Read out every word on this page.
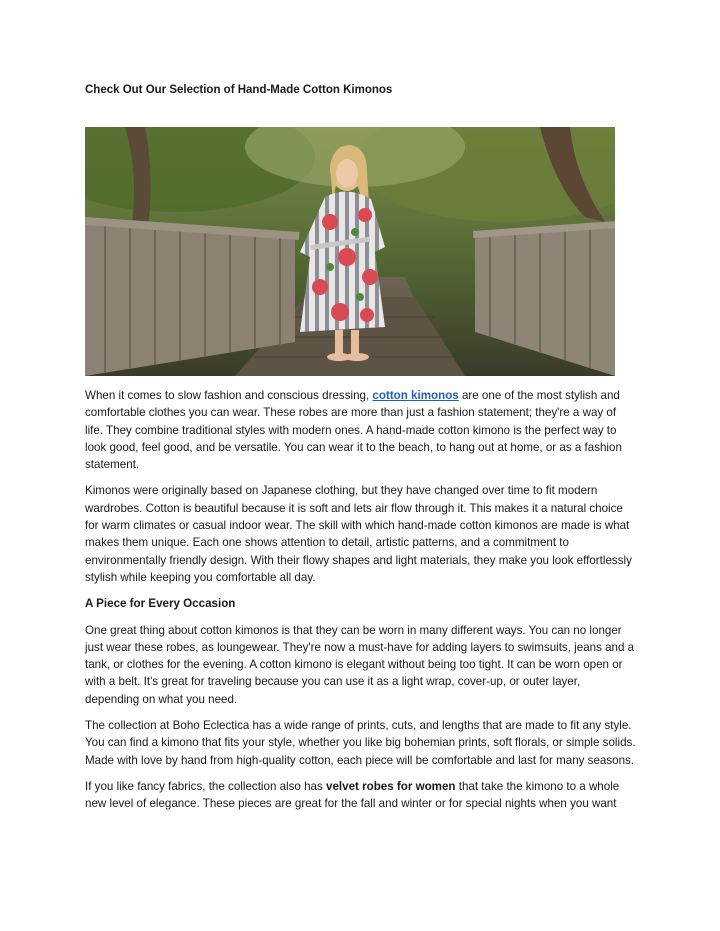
Check Out Our Selection of Hand-Made Cotton Kimonos

When it comes to slow fashion and conscious dressing, cotton kimonos are one of the most stylish and comfortable clothes you can wear. These robes are more than just a fashion statement; they're a way of life. They combine traditional styles with modern ones. A hand-made cotton kimono is the perfect way to look good, feel good, and be versatile. You can wear it to the beach, to hang out at home, or as a fashion statement.

Kimonos were originally based on Japanese clothing, but they have changed over time to fit modern wardrobes. Cotton is beautiful because it is soft and lets air flow through it. This makes it a natural choice for warm climates or casual indoor wear. The skill with which hand-made cotton kimonos are made is what makes them unique. Each one shows attention to detail, artistic patterns, and a commitment to environmentally friendly design. With their flowy shapes and light materials, they make you look effortlessly stylish while keeping you comfortable all day.

A Piece for Every Occasion

One great thing about cotton kimonos is that they can be worn in many different ways. You can no longer just wear these robes, as loungewear. They're now a must-have for adding layers to swimsuits, jeans and a tank, or clothes for the evening. A cotton kimono is elegant without being too tight. It can be worn open or with a belt. It's great for traveling because you can use it as a light wrap, cover-up, or outer layer, depending on what you need.

The collection at Boho Eclectica has a wide range of prints, cuts, and lengths that are made to fit any style. You can find a kimono that fits your style, whether you like big bohemian prints, soft florals, or simple solids. Made with love by hand from high-quality cotton, each piece will be comfortable and last for many seasons.

If you like fancy fabrics, the collection also has velvet robes for women that take the kimono to a whole new level of elegance. These pieces are great for the fall and winter or for special nights when you want
